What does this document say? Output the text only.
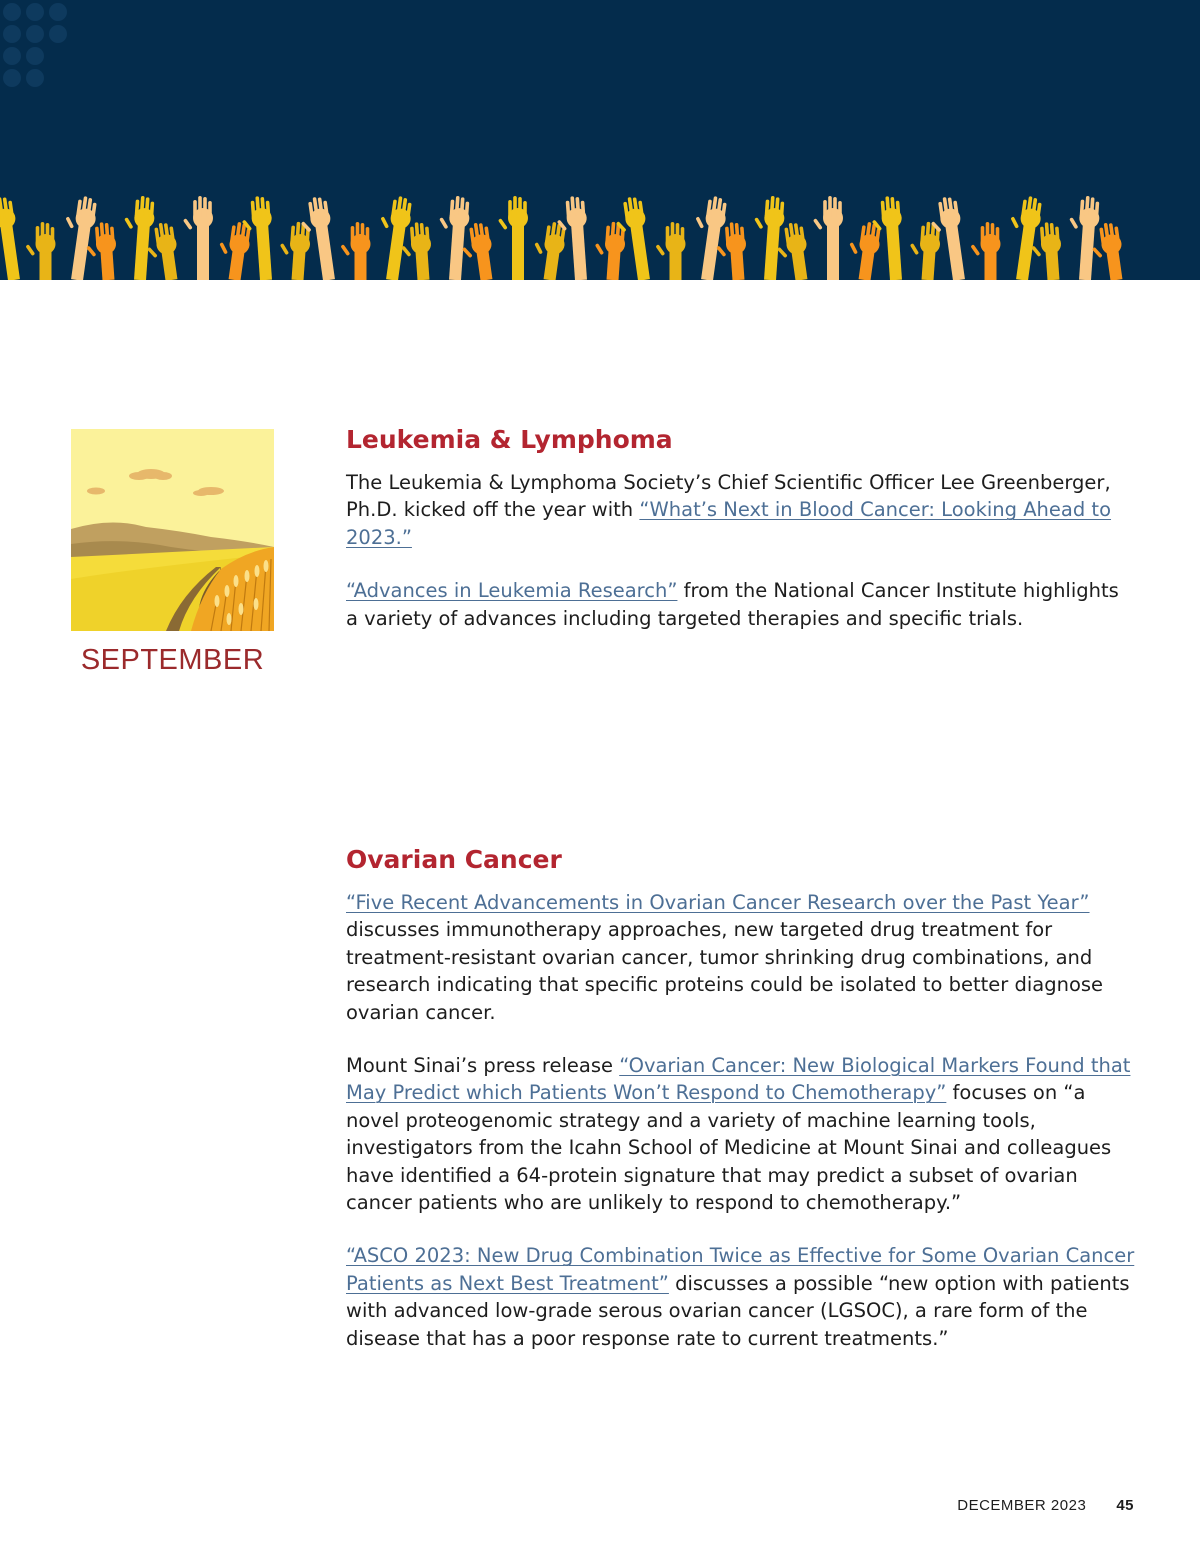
SEPTEMBER
Leukemia & Lymphoma

The Leukemia & Lymphoma Society’s Chief Scientific Officer Lee Greenberger, Ph.D. kicked off the year with “What’s Next in Blood Cancer: Looking Ahead to 2023.”

“Advances in Leukemia Research” from the National Cancer Institute highlights a variety of advances including targeted therapies and specific trials.

Ovarian Cancer

“Five Recent Advancements in Ovarian Cancer Research over the Past Year” discusses immunotherapy approaches, new targeted drug treatment for treatment-resistant ovarian cancer, tumor shrinking drug combinations, and research indicating that specific proteins could be isolated to better diagnose ovarian cancer.

Mount Sinai’s press release “Ovarian Cancer: New Biological Markers Found that May Predict which Patients Won’t Respond to Chemotherapy” focuses on “a novel proteogenomic strategy and a variety of machine learning tools, investigators from the Icahn School of Medicine at Mount Sinai and colleagues have identified a 64-protein signature that may predict a subset of ovarian cancer patients who are unlikely to respond to chemotherapy.”

“ASCO 2023: New Drug Combination Twice as Effective for Some Ovarian Cancer Patients as Next Best Treatment” discusses a possible “new option with patients with advanced low-grade serous ovarian cancer (LGSOC), a rare form of the disease that has a poor response rate to current treatments.”

DECEMBER 2023 45
